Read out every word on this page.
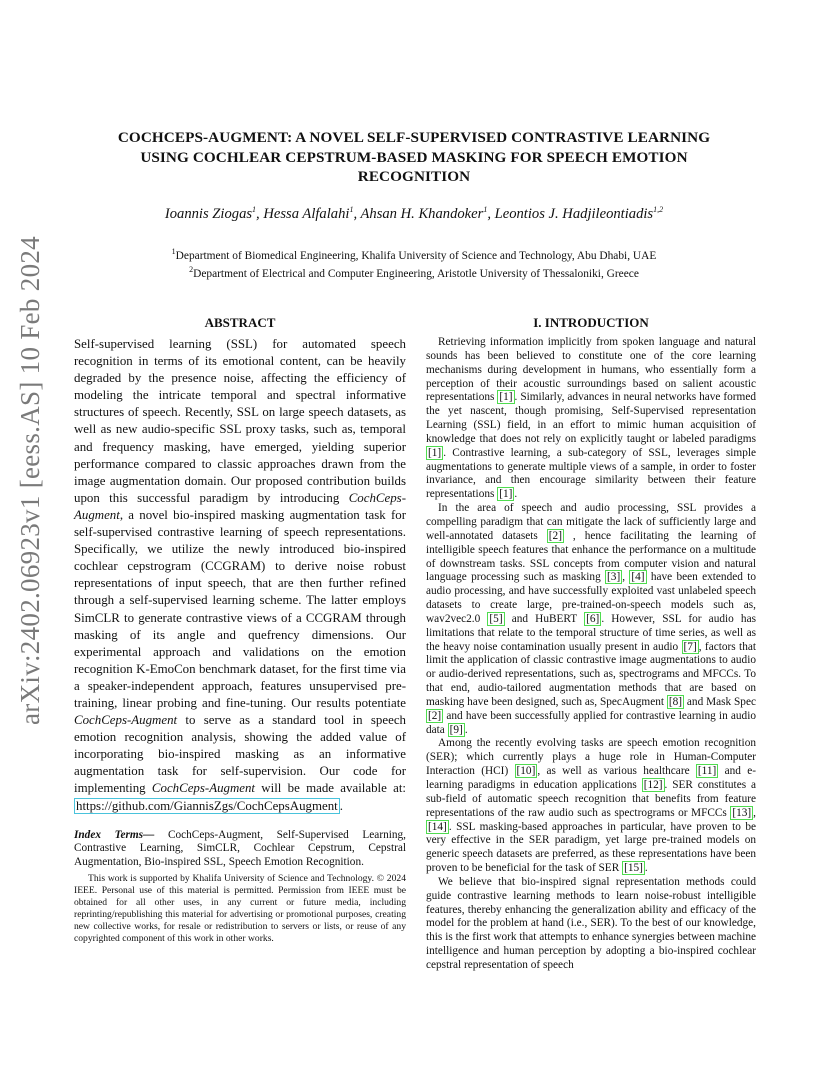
arXiv:2402.06923v1 [eess.AS] 10 Feb 2024
COCHCEPS-AUGMENT: A NOVEL SELF-SUPERVISED CONTRASTIVE LEARNING
USING COCHLEAR CEPSTRUM-BASED MASKING FOR SPEECH EMOTION
RECOGNITION
Ioannis Ziogas$^1$, Hessa Alfalahi$^1$, Ahsan H. Khandoker$^1$, Leontios J. Hadjileontiadis$^{1,2}$
$^1$Department of Biomedical Engineering, Khalifa University of Science and Technology, Abu Dhabi, UAE
$^2$Department of Electrical and Computer Engineering, Aristotle University of Thessaloniki, Greece
ABSTRACT

Self-supervised learning (SSL) for automated speech recognition in terms of its emotional content, can be heavily degraded by the presence noise, affecting the efficiency of modeling the intricate temporal and spectral informative structures of speech. Recently, SSL on large speech datasets, as well as new audio-specific SSL proxy tasks, such as, temporal and frequency masking, have emerged, yielding superior performance compared to classic approaches drawn from the image augmentation domain. Our proposed contribution builds upon this successful paradigm by introducing CochCeps-Augment, a novel bio-inspired masking augmentation task for self-supervised contrastive learning of speech representations. Specifically, we utilize the newly introduced bio-inspired cochlear cepstrogram (CCGRAM) to derive noise robust representations of input speech, that are then further refined through a self-supervised learning scheme. The latter employs SimCLR to generate contrastive views of a CCGRAM through masking of its angle and quefrency dimensions. Our experimental approach and validations on the emotion recognition K-EmoCon benchmark dataset, for the first time via a speaker-independent approach, features unsupervised pre-training, linear probing and fine-tuning. Our results potentiate CochCeps-Augment to serve as a standard tool in speech emotion recognition analysis, showing the added value of incorporating bio-inspired masking as an informative augmentation task for self-supervision. Our code for implementing CochCeps-Augment will be made available at: https://github.com/GiannisZgs/CochCepsAugment .

Index Terms— CochCeps-Augment, Self-Supervised Learning, Contrastive Learning, SimCLR, Cochlear Cepstrum, Cepstral Augmentation, Bio-inspired SSL, Speech Emotion Recognition.

This work is supported by Khalifa University of Science and Technology. © 2024 IEEE. Personal use of this material is permitted. Permission from IEEE must be obtained for all other uses, in any current or future media, including reprinting/republishing this material for advertising or promotional purposes, creating new collective works, for resale or redistribution to servers or lists, or reuse of any copyrighted component of this work in other works.

I. INTRODUCTION

Retrieving information implicitly from spoken language and natural sounds has been believed to constitute one of the core learning mechanisms during development in humans, who essentially form a perception of their acoustic surroundings based on salient acoustic representations [1] . Similarly, advances in neural networks have formed the yet nascent, though promising, Self-Supervised representation Learning (SSL) field, in an effort to mimic human acquisition of knowledge that does not rely on explicitly taught or labeled paradigms [1] . Contrastive learning, a sub-category of SSL, leverages simple augmentations to generate multiple views of a sample, in order to foster invariance, and then encourage similarity between their feature representations [1] .

In the area of speech and audio processing, SSL provides a compelling paradigm that can mitigate the lack of sufficiently large and well-annotated datasets [2] , hence facilitating the learning of intelligible speech features that enhance the performance on a multitude of downstream tasks. SSL concepts from computer vision and natural language processing such as masking [3] , [4] have been extended to audio processing, and have successfully exploited vast unlabeled speech datasets to create large, pre-trained-on-speech models such as, wav2vec2.0 [5] and HuBERT [6] . However, SSL for audio has limitations that relate to the temporal structure of time series, as well as the heavy noise contamination usually present in audio [7] , factors that limit the application of classic contrastive image augmentations to audio or audio-derived representations, such as, spectrograms and MFCCs. To that end, audio-tailored augmentation methods that are based on masking have been designed, such as, SpecAugment [8] and Mask Spec [2] and have been successfully applied for contrastive learning in audio data [9] .

Among the recently evolving tasks are speech emotion recognition (SER); which currently plays a huge role in Human-Computer Interaction (HCI) [10] , as well as various healthcare [11] and e-learning paradigms in education applications [12] . SER constitutes a sub-field of automatic speech recognition that benefits from feature representations of the raw audio such as spectrograms or MFCCs [13] , [14] . SSL masking-based approaches in particular, have proven to be very effective in the SER paradigm, yet large pre-trained models on generic speech datasets are preferred, as these representations have been proven to be beneficial for the task of SER [15] .

We believe that bio-inspired signal representation methods could guide contrastive learning methods to learn noise-robust intelligible features, thereby enhancing the generalization ability and efficacy of the model for the problem at hand (i.e., SER). To the best of our knowledge, this is the first work that attempts to enhance synergies between machine intelligence and human perception by adopting a bio-inspired cochlear cepstral representation of speech
